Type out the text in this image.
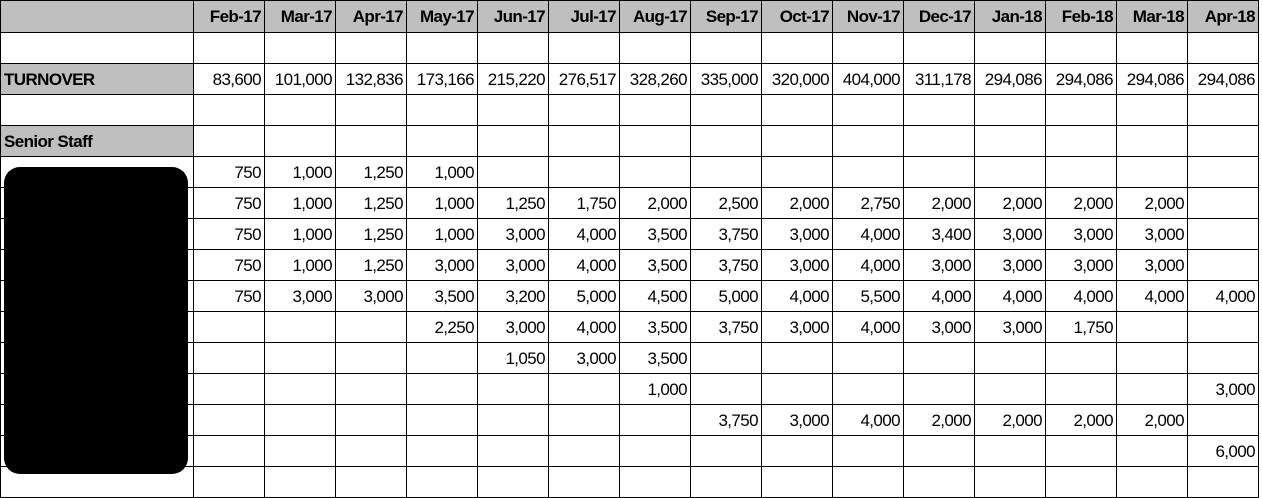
	Feb-17	Mar-17	Apr-17	May-17	Jun-17	Jul-17	Aug-17	Sep-17	Oct-17	Nov-17	Dec-17	Jan-18	Feb-18	Mar-18	Apr-18

TURNOVER	83,600	101,000	132,836	173,166	215,220	276,517	328,260	335,000	320,000	404,000	311,178	294,086	294,086	294,086	294,086

Senior Staff															
	750	1,000	1,250	1,000											
	750	1,000	1,250	1,000	1,250	1,750	2,000	2,500	2,000	2,750	2,000	2,000	2,000	2,000	
	750	1,000	1,250	1,000	3,000	4,000	3,500	3,750	3,000	4,000	3,400	3,000	3,000	3,000	
	750	1,000	1,250	3,000	3,000	4,000	3,500	3,750	3,000	4,000	3,000	3,000	3,000	3,000	
	750	3,000	3,000	3,500	3,200	5,000	4,500	5,000	4,000	5,500	4,000	4,000	4,000	4,000	4,000
				2,250	3,000	4,000	3,500	3,750	3,000	4,000	3,000	3,000	1,750		
					1,050	3,000	3,500								
							1,000								3,000
								3,750	3,000	4,000	2,000	2,000	2,000	2,000	
															6,000
